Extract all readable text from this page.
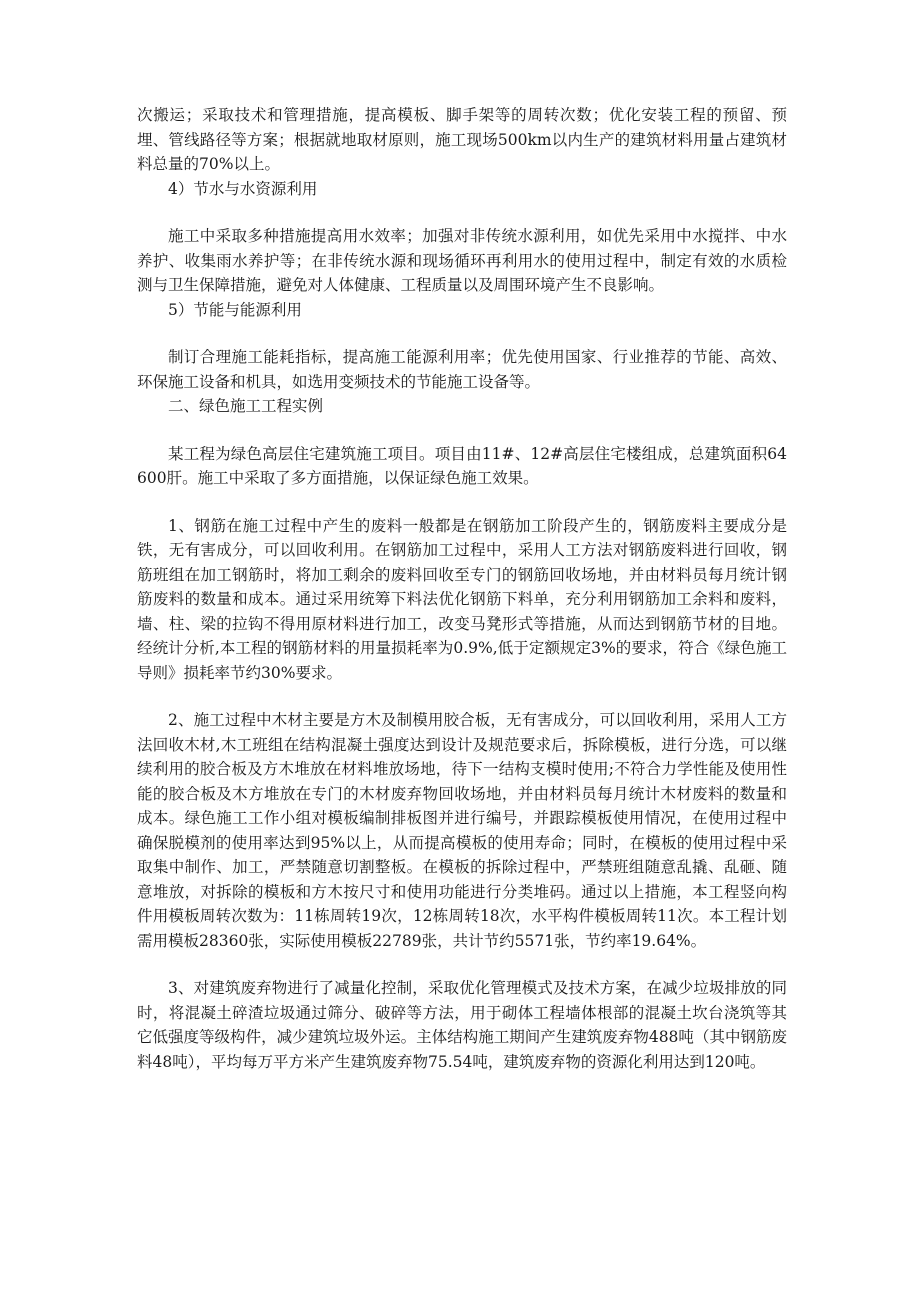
次搬运；采取技术和管理措施，提高模板、脚手架等的周转次数；优化安装工程的预留、预埋、管线路径等方案；根据就地取材原则，施工现场500km以内生产的建筑材料用量占建筑材料总量的70%以上。

4）节水与水资源利用

施工中采取多种措施提高用水效率；加强对非传统水源利用，如优先采用中水搅拌、中水养护、收集雨水养护等；在非传统水源和现场循环再利用水的使用过程中，制定有效的水质检测与卫生保障措施，避免对人体健康、工程质量以及周围环境产生不良影响。

5）节能与能源利用

制订合理施工能耗指标，提高施工能源利用率；优先使用国家、行业推荐的节能、高效、环保施工设备和机具，如选用变频技术的节能施工设备等。

二、绿色施工工程实例

某工程为绿色高层住宅建筑施工项目。项目由11#、12#高层住宅楼组成，总建筑面积64600肝。施工中采取了多方面措施，以保证绿色施工效果。

1、钢筋在施工过程中产生的废料一般都是在钢筋加工阶段产生的，钢筋废料主要成分是铁，无有害成分，可以回收利用。在钢筋加工过程中，采用人工方法对钢筋废料进行回收，钢筋班组在加工钢筋时，将加工剩余的废料回收至专门的钢筋回收场地，并由材料员每月统计钢筋废料的数量和成本。通过采用统筹下料法优化钢筋下料单，充分利用钢筋加工余料和废料，墙、柱、梁的拉钩不得用原材料进行加工，改变马凳形式等措施，从而达到钢筋节材的目地。经统计分析,本工程的钢筋材料的用量损耗率为0.9%,低于定额规定3%的要求，符合《绿色施工导则》损耗率节约30%要求。

2、施工过程中木材主要是方木及制模用胶合板，无有害成分，可以回收利用，采用人工方法回收木材,木工班组在结构混凝土强度达到设计及规范要求后，拆除模板，进行分选，可以继续利用的胶合板及方木堆放在材料堆放场地，待下一结构支模时使用;不符合力学性能及使用性能的胶合板及木方堆放在专门的木材废弃物回收场地，并由材料员每月统计木材废料的数量和成本。绿色施工工作小组对模板编制排板图并进行编号，并跟踪模板使用情况，在使用过程中确保脱模剂的使用率达到95%以上，从而提高模板的使用寿命；同时，在模板的使用过程中采取集中制作、加工，严禁随意切割整板。在模板的拆除过程中，严禁班组随意乱撬、乱砸、随意堆放，对拆除的模板和方木按尺寸和使用功能进行分类堆码。通过以上措施，本工程竖向构件用模板周转次数为：11栋周转19次，12栋周转18次，水平构件模板周转11次。本工程计划需用模板28360张，实际使用模板22789张，共计节约5571张，节约率19.64%。

3、对建筑废弃物进行了减量化控制，采取优化管理模式及技术方案，在减少垃圾排放的同时，将混凝土碎渣垃圾通过筛分、破碎等方法，用于砌体工程墙体根部的混凝土坎台浇筑等其它低强度等级构件，减少建筑垃圾外运。主体结构施工期间产生建筑废弃物488吨（其中钢筋废料48吨），平均每万平方米产生建筑废弃物75.54吨，建筑废弃物的资源化利用达到120吨。
